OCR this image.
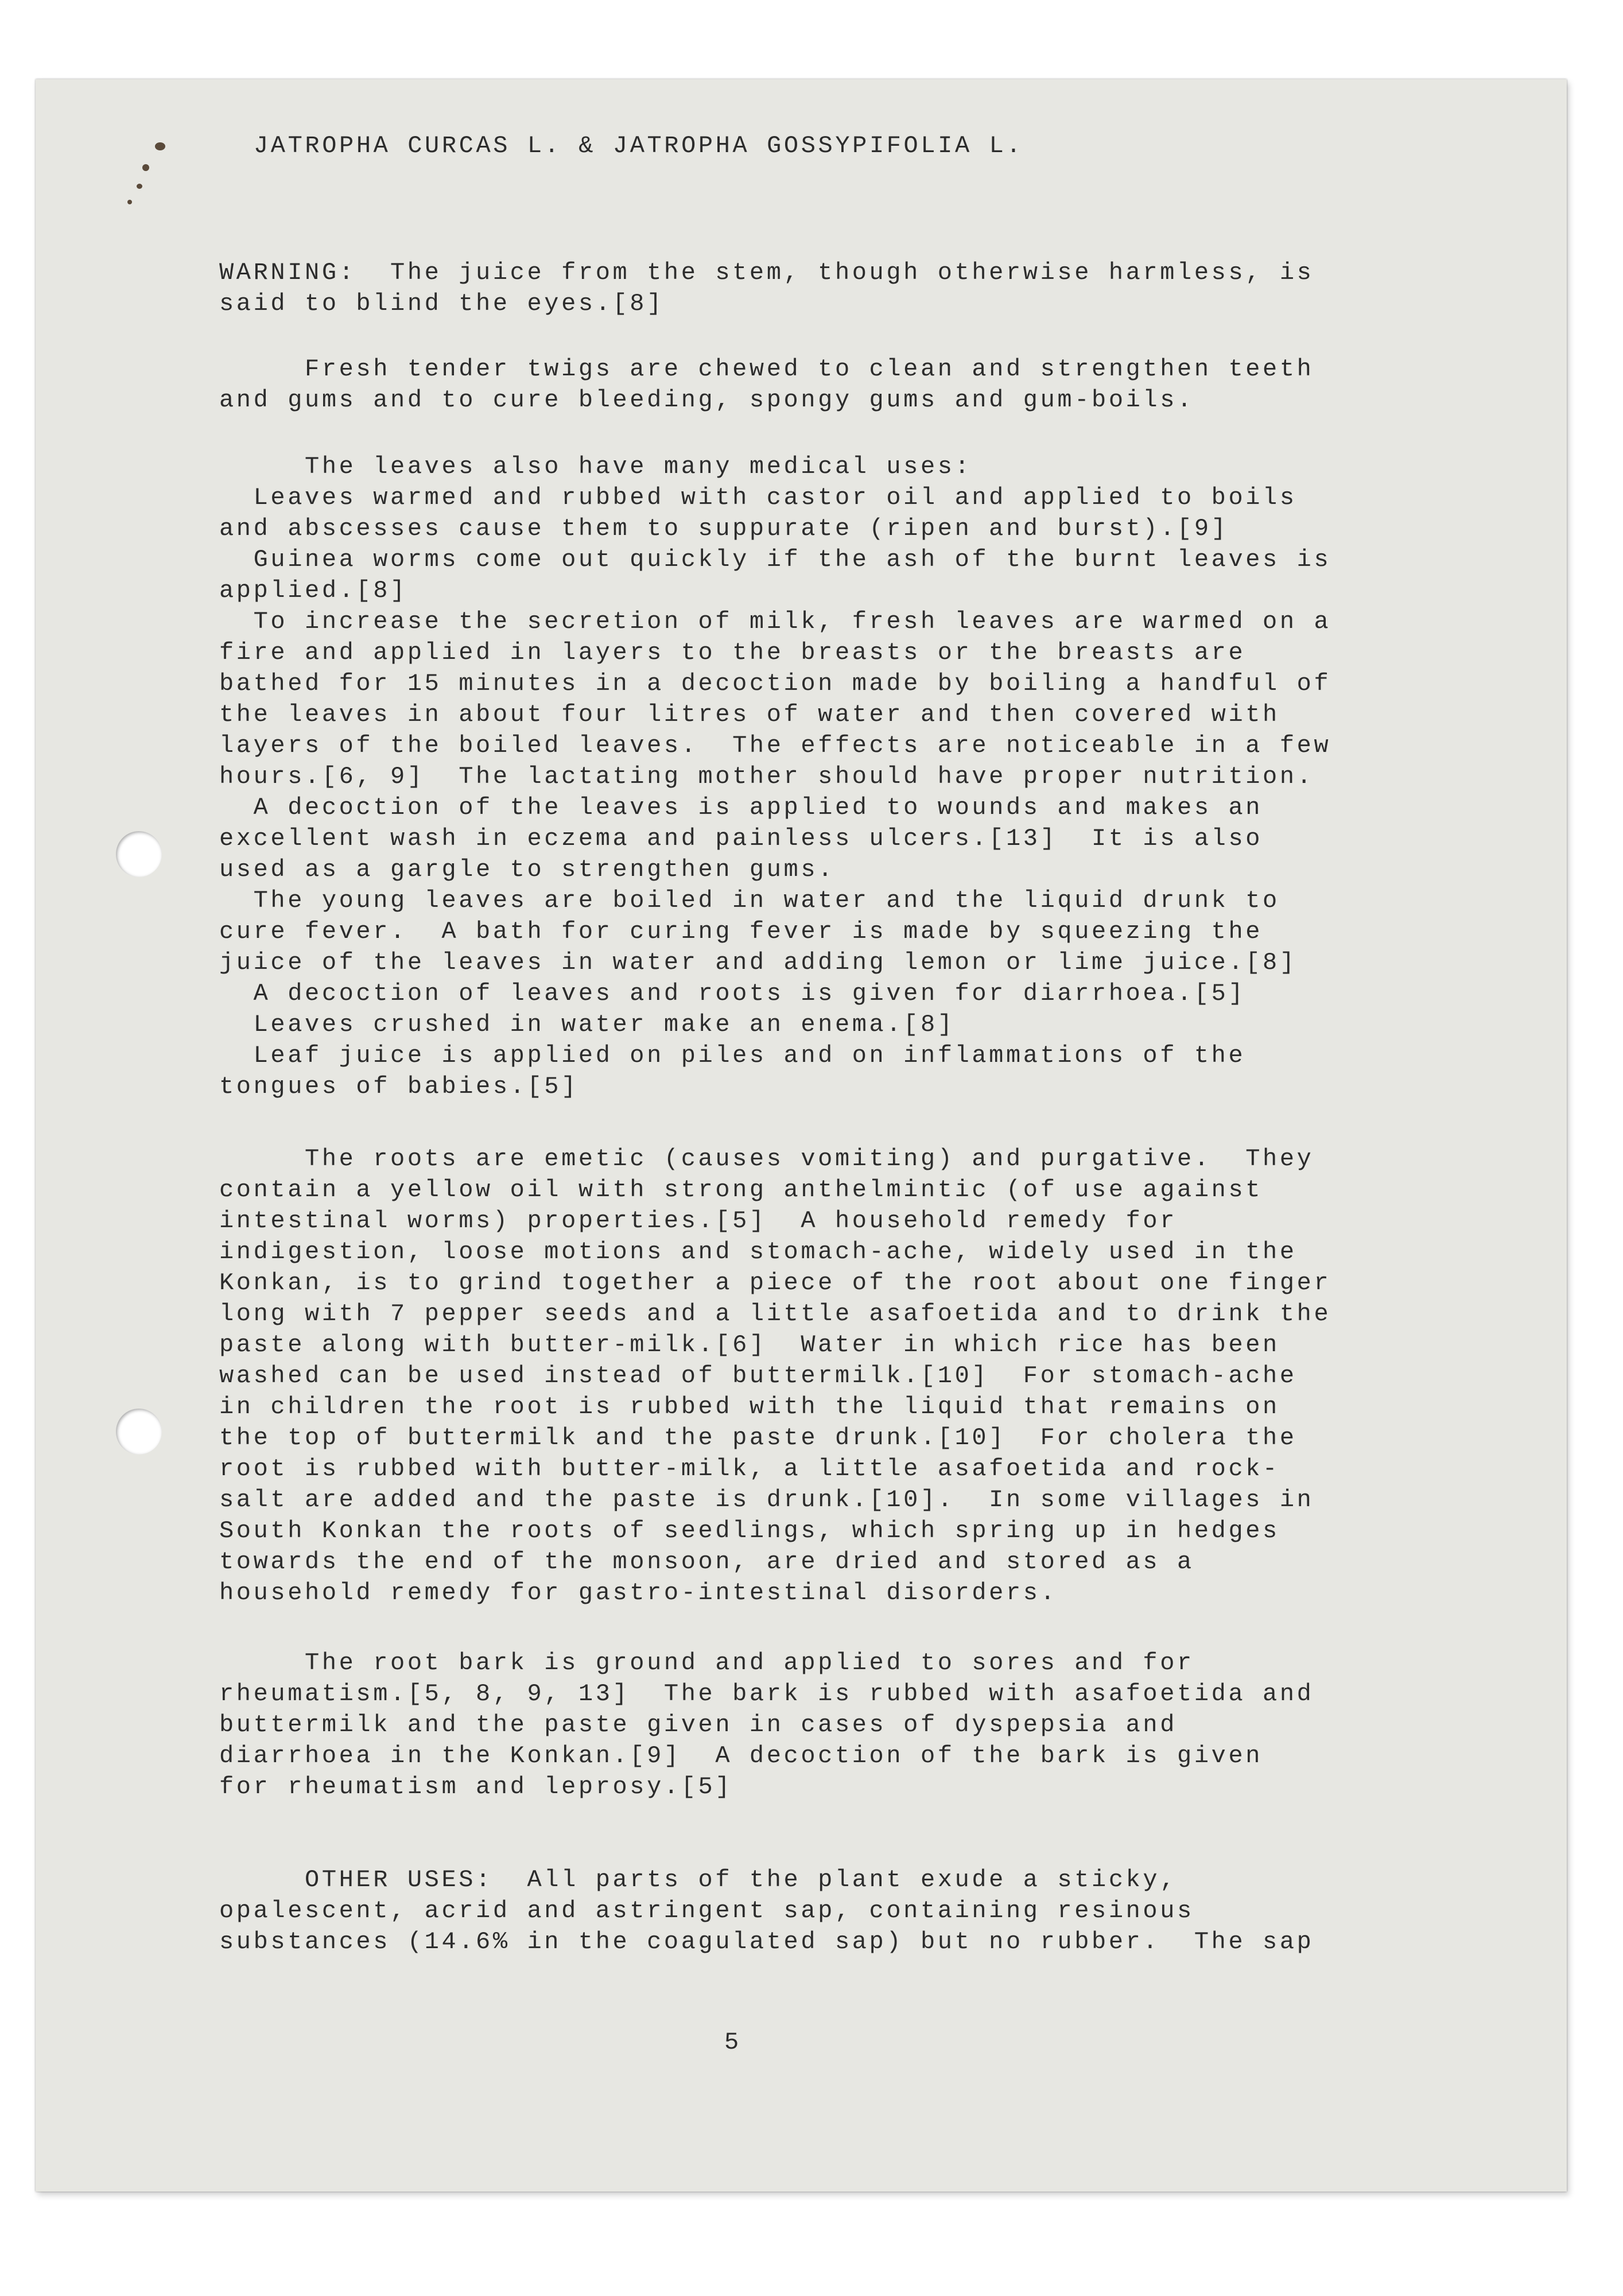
JATROPHA CURCAS L. & JATROPHA GOSSYPIFOLIA L.

WARNING:  The juice from the stem, though otherwise harmless, is
said to blind the eyes.[8]

Fresh tender twigs are chewed to clean and strengthen teeth
and gums and to cure bleeding, spongy gums and gum-boils.

The leaves also have many medical uses:
Leaves warmed and rubbed with castor oil and applied to boils
and abscesses cause them to suppurate (ripen and burst).[9]
Guinea worms come out quickly if the ash of the burnt leaves is
applied.[8]
To increase the secretion of milk, fresh leaves are warmed on a
fire and applied in layers to the breasts or the breasts are
bathed for 15 minutes in a decoction made by boiling a handful of
the leaves in about four litres of water and then covered with
layers of the boiled leaves.  The effects are noticeable in a few
hours.[6, 9]  The lactating mother should have proper nutrition.
A decoction of the leaves is applied to wounds and makes an
excellent wash in eczema and painless ulcers.[13]  It is also
used as a gargle to strengthen gums.
The young leaves are boiled in water and the liquid drunk to
cure fever.  A bath for curing fever is made by squeezing the
juice of the leaves in water and adding lemon or lime juice.[8]
A decoction of leaves and roots is given for diarrhoea.[5]
Leaves crushed in water make an enema.[8]
Leaf juice is applied on piles and on inflammations of the
tongues of babies.[5]

The roots are emetic (causes vomiting) and purgative.  They
contain a yellow oil with strong anthelmintic (of use against
intestinal worms) properties.[5]  A household remedy for
indigestion, loose motions and stomach-ache, widely used in the
Konkan, is to grind together a piece of the root about one finger
long with 7 pepper seeds and a little asafoetida and to drink the
paste along with butter-milk.[6]  Water in which rice has been
washed can be used instead of buttermilk.[10]  For stomach-ache
in children the root is rubbed with the liquid that remains on
the top of buttermilk and the paste drunk.[10]  For cholera the
root is rubbed with butter-milk, a little asafoetida and rock-
salt are added and the paste is drunk.[10].  In some villages in
South Konkan the roots of seedlings, which spring up in hedges
towards the end of the monsoon, are dried and stored as a
household remedy for gastro-intestinal disorders.

The root bark is ground and applied to sores and for
rheumatism.[5, 8, 9, 13]  The bark is rubbed with asafoetida and
buttermilk and the paste given in cases of dyspepsia and
diarrhoea in the Konkan.[9]  A decoction of the bark is given
for rheumatism and leprosy.[5]

OTHER USES:  All parts of the plant exude a sticky,
opalescent, acrid and astringent sap, containing resinous
substances (14.6% in the coagulated sap) but no rubber.  The sap

5
